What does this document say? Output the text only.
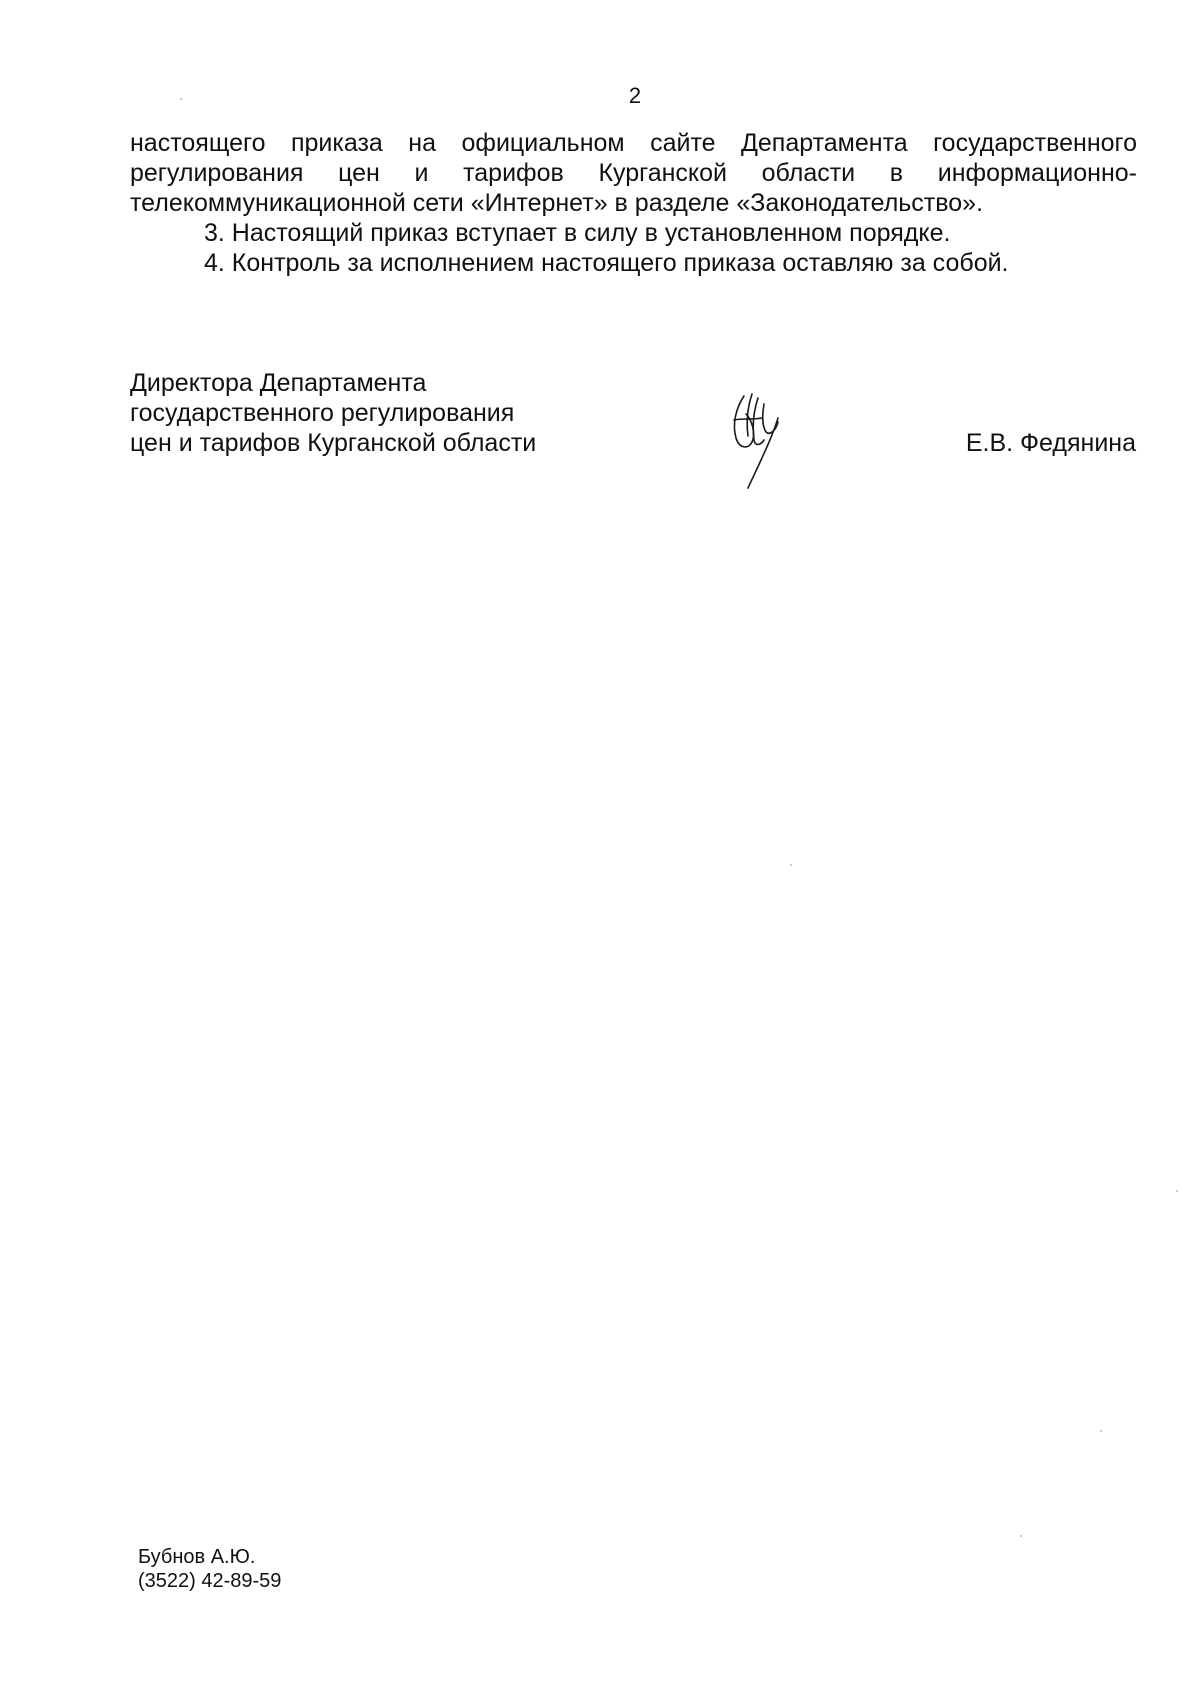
2

настоящего приказа на официальном сайте Департамента государственного регулирования цен и тарифов Курганской области в информационно-телекоммуникационной сети «Интернет» в разделе «Законодательство».

3. Настоящий приказ вступает в силу в установленном порядке.

4. Контроль за исполнением настоящего приказа оставляю за собой.

Директора Департамента
государственного регулирования
цен и тарифов Курганской области	Е.В. Федянина
Бубнов А.Ю.
(3522) 42-89-59
